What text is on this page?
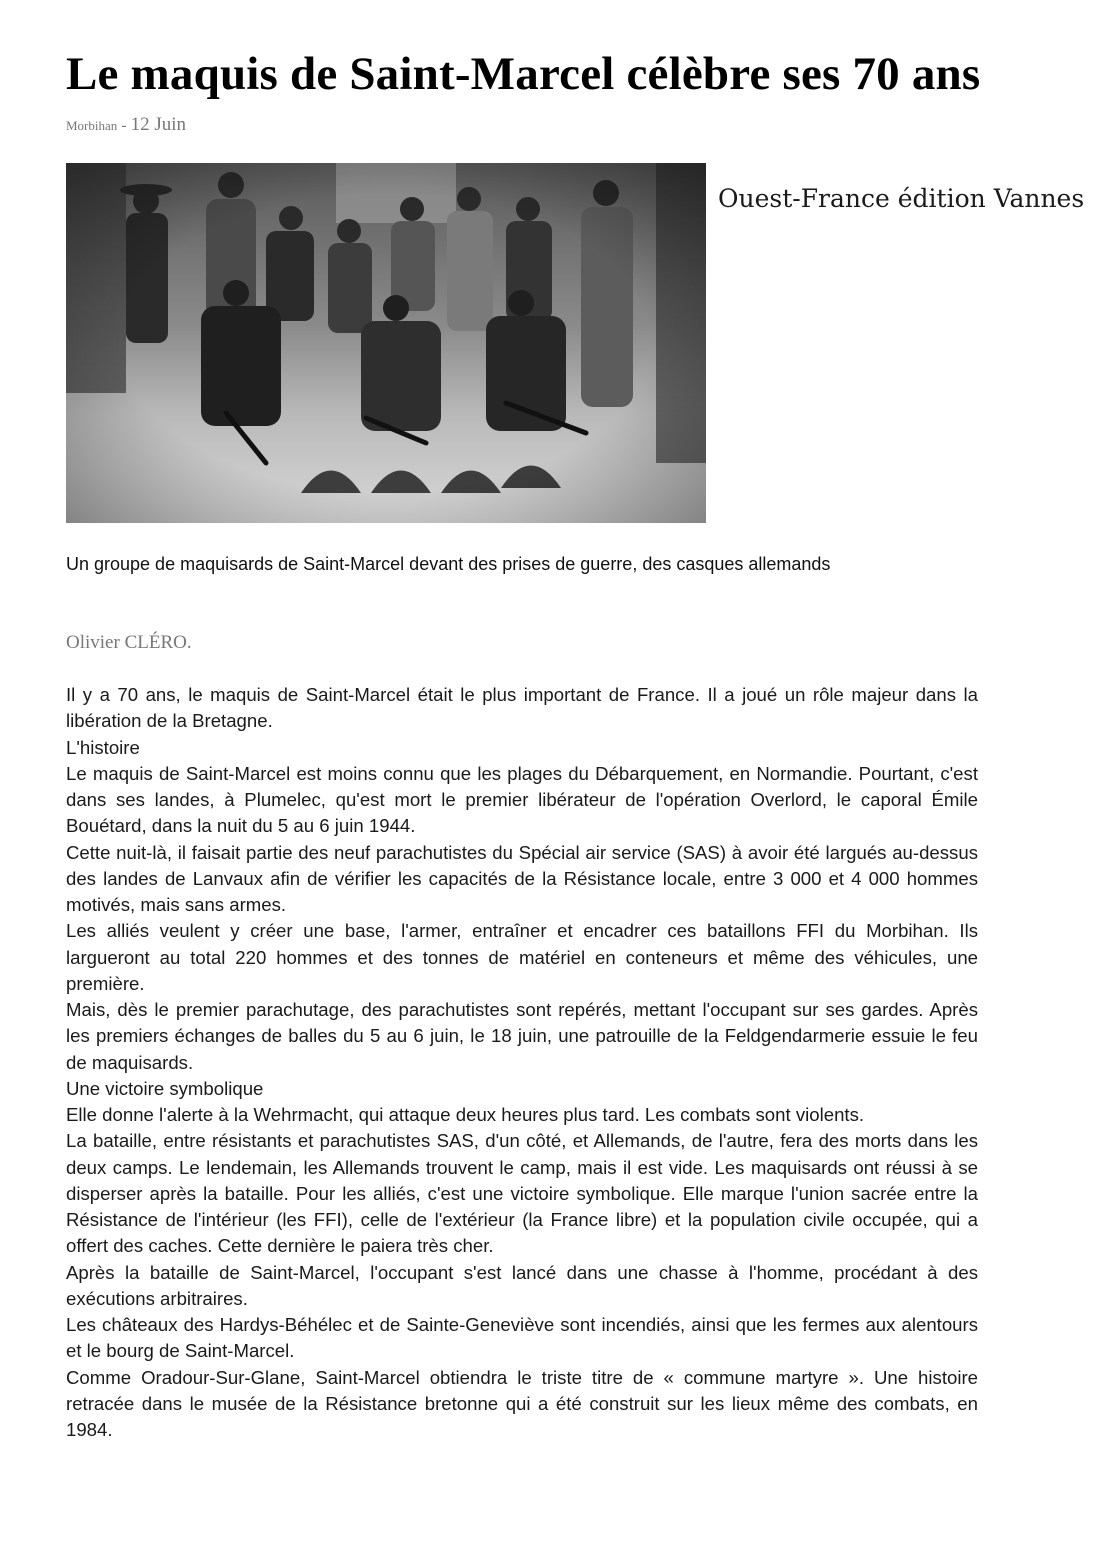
Le maquis de Saint-Marcel célèbre ses 70 ans
Morbihan - 12 Juin
Ouest-France édition Vannes

Un groupe de maquisards de Saint-Marcel devant des prises de guerre, des casques allemands

Olivier CLÉRO.

Il y a 70 ans, le maquis de Saint-Marcel était le plus important de France. Il a joué un rôle majeur dans la libération de la Bretagne.

L'histoire

Le maquis de Saint-Marcel est moins connu que les plages du Débarquement, en Normandie. Pourtant, c'est dans ses landes, à Plumelec, qu'est mort le premier libérateur de l'opération Overlord, le caporal Émile Bouétard, dans la nuit du 5 au 6 juin 1944.

Cette nuit-là, il faisait partie des neuf parachutistes du Spécial air service (SAS) à avoir été largués au-dessus des landes de Lanvaux afin de vérifier les capacités de la Résistance locale, entre 3 000 et 4 000 hommes motivés, mais sans armes.

Les alliés veulent y créer une base, l'armer, entraîner et encadrer ces bataillons FFI du Morbihan. Ils largueront au total 220 hommes et des tonnes de matériel en conteneurs et même des véhicules, une première.

Mais, dès le premier parachutage, des parachutistes sont repérés, mettant l'occupant sur ses gardes. Après les premiers échanges de balles du 5 au 6 juin, le 18 juin, une patrouille de la Feldgendarmerie essuie le feu de maquisards.

Une victoire symbolique

Elle donne l'alerte à la Wehrmacht, qui attaque deux heures plus tard. Les combats sont violents.

La bataille, entre résistants et parachutistes SAS, d'un côté, et Allemands, de l'autre, fera des morts dans les deux camps. Le lendemain, les Allemands trouvent le camp, mais il est vide. Les maquisards ont réussi à se disperser après la bataille. Pour les alliés, c'est une victoire symbolique. Elle marque l'union sacrée entre la Résistance de l'intérieur (les FFI), celle de l'extérieur (la France libre) et la population civile occupée, qui a offert des caches. Cette dernière le paiera très cher.

Après la bataille de Saint-Marcel, l'occupant s'est lancé dans une chasse à l'homme, procédant à des exécutions arbitraires.

Les châteaux des Hardys-Béhélec et de Sainte-Geneviève sont incendiés, ainsi que les fermes aux alentours et le bourg de Saint-Marcel.

Comme Oradour-Sur-Glane, Saint-Marcel obtiendra le triste titre de « commune martyre ». Une histoire retracée dans le musée de la Résistance bretonne qui a été construit sur les lieux même des combats, en 1984.
